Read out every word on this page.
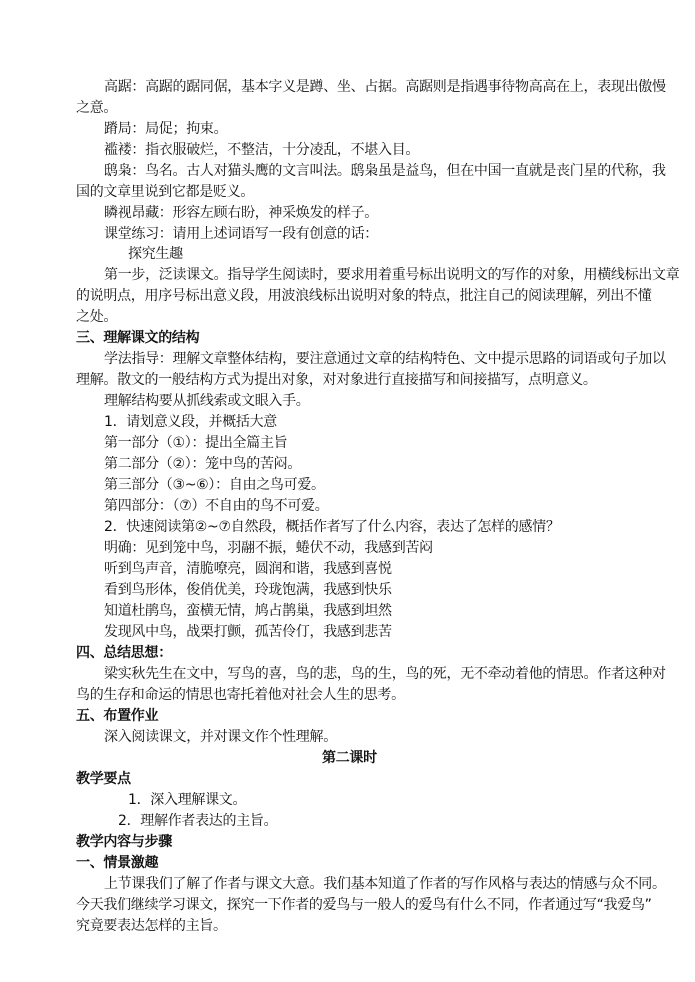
高踞：高踞的踞同倨，基本字义是蹲、坐、占据。高踞则是指遇事待物高高在上，表现出傲慢
之意。
蹐局：局促；拘束。
褴褛：指衣服破烂，不整洁，十分凌乱，不堪入目。
鸱枭：鸟名。古人对猫头鹰的文言叫法。鸱枭虽是益鸟，但在中国一直就是丧门星的代称，我
国的文章里说到它都是贬义。
瞵视昂藏：形容左顾右盼，神采焕发的样子。
课堂练习：请用上述词语写一段有创意的话：
探究生趣
第一步，泛读课文。指导学生阅读时，要求用着重号标出说明文的写作的对象，用横线标出文章
的说明点，用序号标出意义段，用波浪线标出说明对象的特点，批注自己的阅读理解，列出不懂
之处。
三、理解课文的结构
学法指导：理解文章整体结构，要注意通过文章的结构特色、文中提示思路的词语或句子加以
理解。散文的一般结构方式为提出对象，对对象进行直接描写和间接描写，点明意义。
理解结构要从抓线索或文眼入手。
1．请划意义段，并概括大意
第一部分（①）：提出全篇主旨
第二部分（②）：笼中鸟的苦闷。
第三部分（③~⑥）：自由之鸟可爱。
第四部分：（⑦）不自由的鸟不可爱。
2．快速阅读第②~⑦自然段，概括作者写了什么内容，表达了怎样的感情？
明确：见到笼中鸟，羽翮不振，蜷伏不动，我感到苦闷
听到鸟声音，清脆嘹亮，圆润和谐，我感到喜悦
看到鸟形体，俊俏优美，玲珑饱满，我感到快乐
知道杜鹃鸟，蛮横无情，鸠占鹊巢，我感到坦然
发现风中鸟，战栗打颤，孤苦伶仃，我感到悲苦
四、总结思想：
梁实秋先生在文中，写鸟的喜，鸟的悲，鸟的生，鸟的死，无不牵动着他的情思。作者这种对
鸟的生存和命运的情思也寄托着他对社会人生的思考。
五、布置作业
深入阅读课文，并对课文作个性理解。
第二课时
教学要点
1．深入理解课文。
2．理解作者表达的主旨。
教学内容与步骤
一、情景激趣
上节课我们了解了作者与课文大意。我们基本知道了作者的写作风格与表达的情感与众不同。
今天我们继续学习课文，探究一下作者的爱鸟与一般人的爱鸟有什么不同，作者通过写“我爱鸟”
究竟要表达怎样的主旨。
